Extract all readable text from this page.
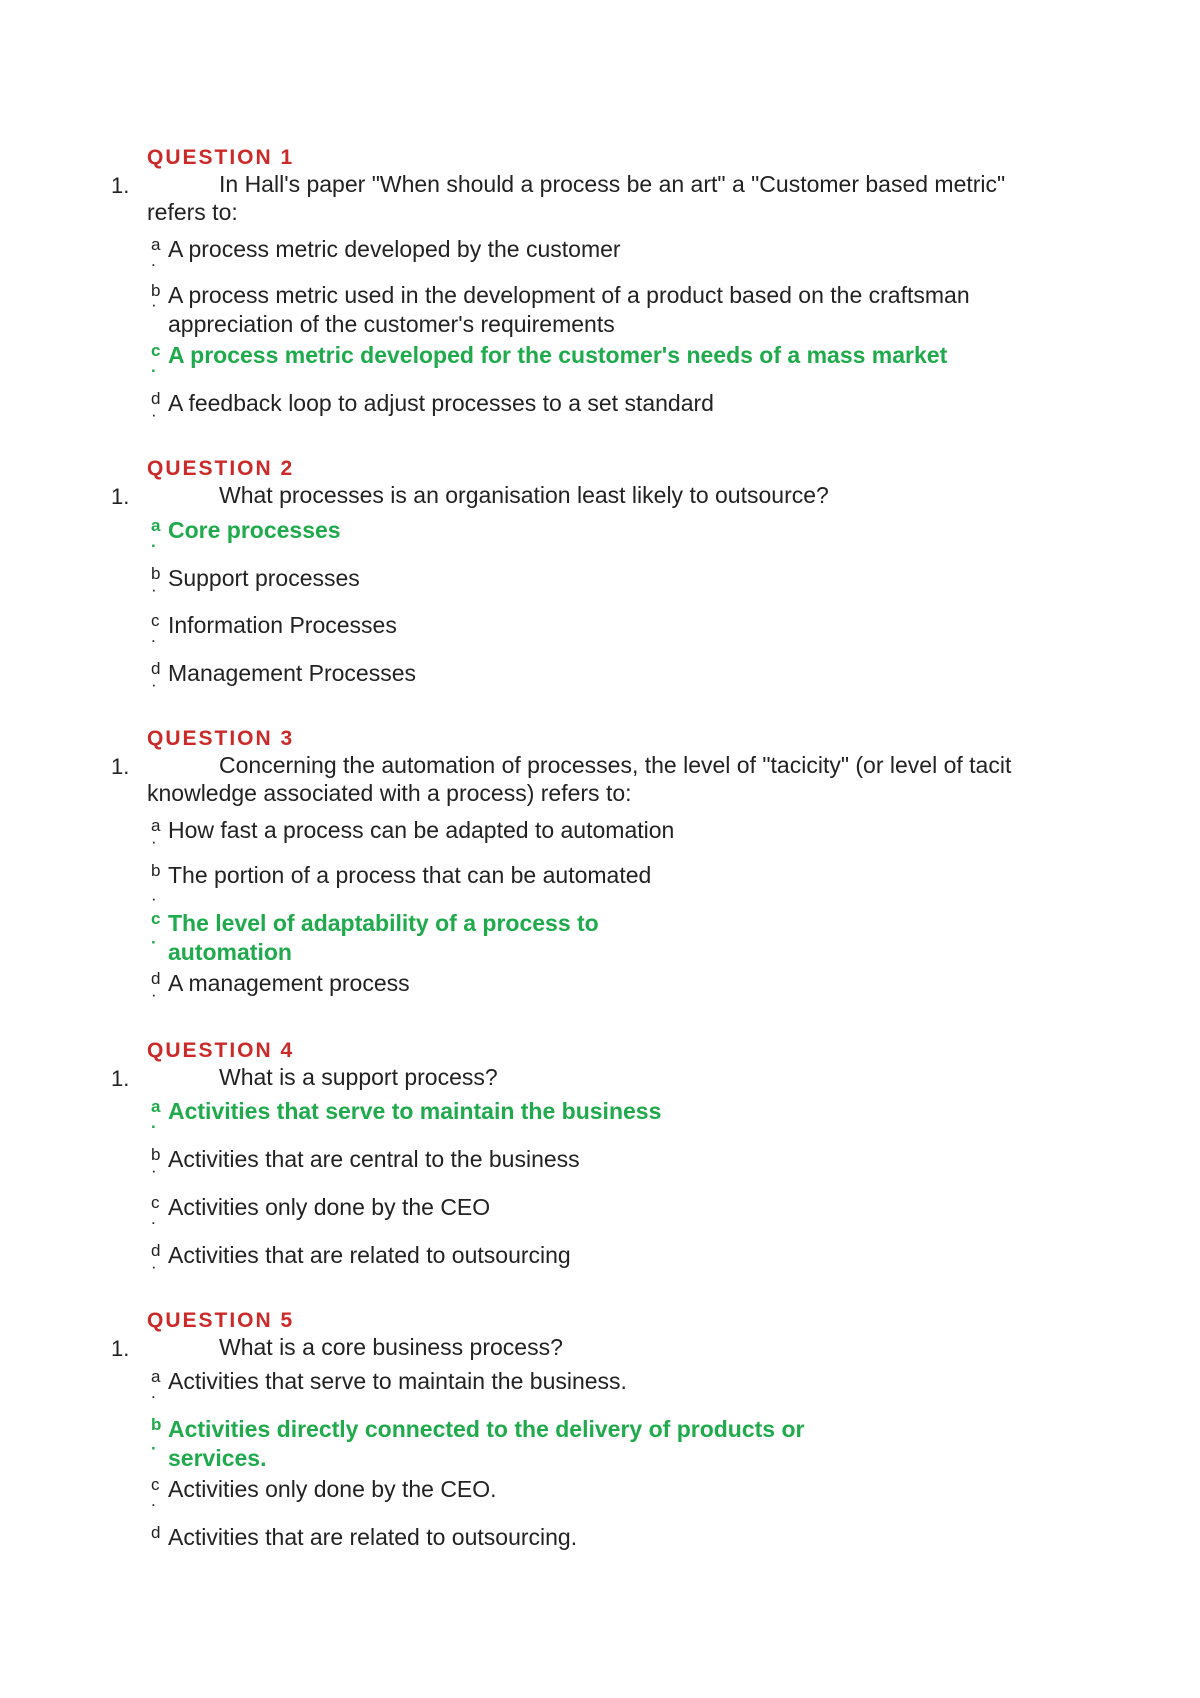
QUESTION 1
1.	In Hall's paper "When should a process be an art" a "Customer based metric" refers to:
a
. A process metric developed by the customer
b
· A process metric used in the development of a product based on the craftsman appreciation of the customer's requirements
c
. A process metric developed for the customer's needs of a mass market
d
· A feedback loop to adjust processes to a set standard
QUESTION 2
1.	What processes is an organisation least likely to outsource?
a
. Core processes
b
· Support processes
c
. Information Processes
d
· Management Processes
QUESTION 3
1.	Concerning the automation of processes, the level of "tacicity" (or level of tacit knowledge associated with a process) refers to:
a
· How fast a process can be adapted to automation
b
·
The portion of a process that can be automated
c
·
The level of adaptability of a process to automation
d
· A management process
QUESTION 4
1.	What is a support process?
a
. Activities that serve to maintain the business
b
· Activities that are central to the business
c
. Activities only done by the CEO
d
· Activities that are related to outsourcing
QUESTION 5
1.	What is a core business process?
a
. Activities that serve to maintain the business.
b
·
Activities directly connected to the delivery of products or services.
c
. Activities only done by the CEO.
d Activities that are related to outsourcing.
